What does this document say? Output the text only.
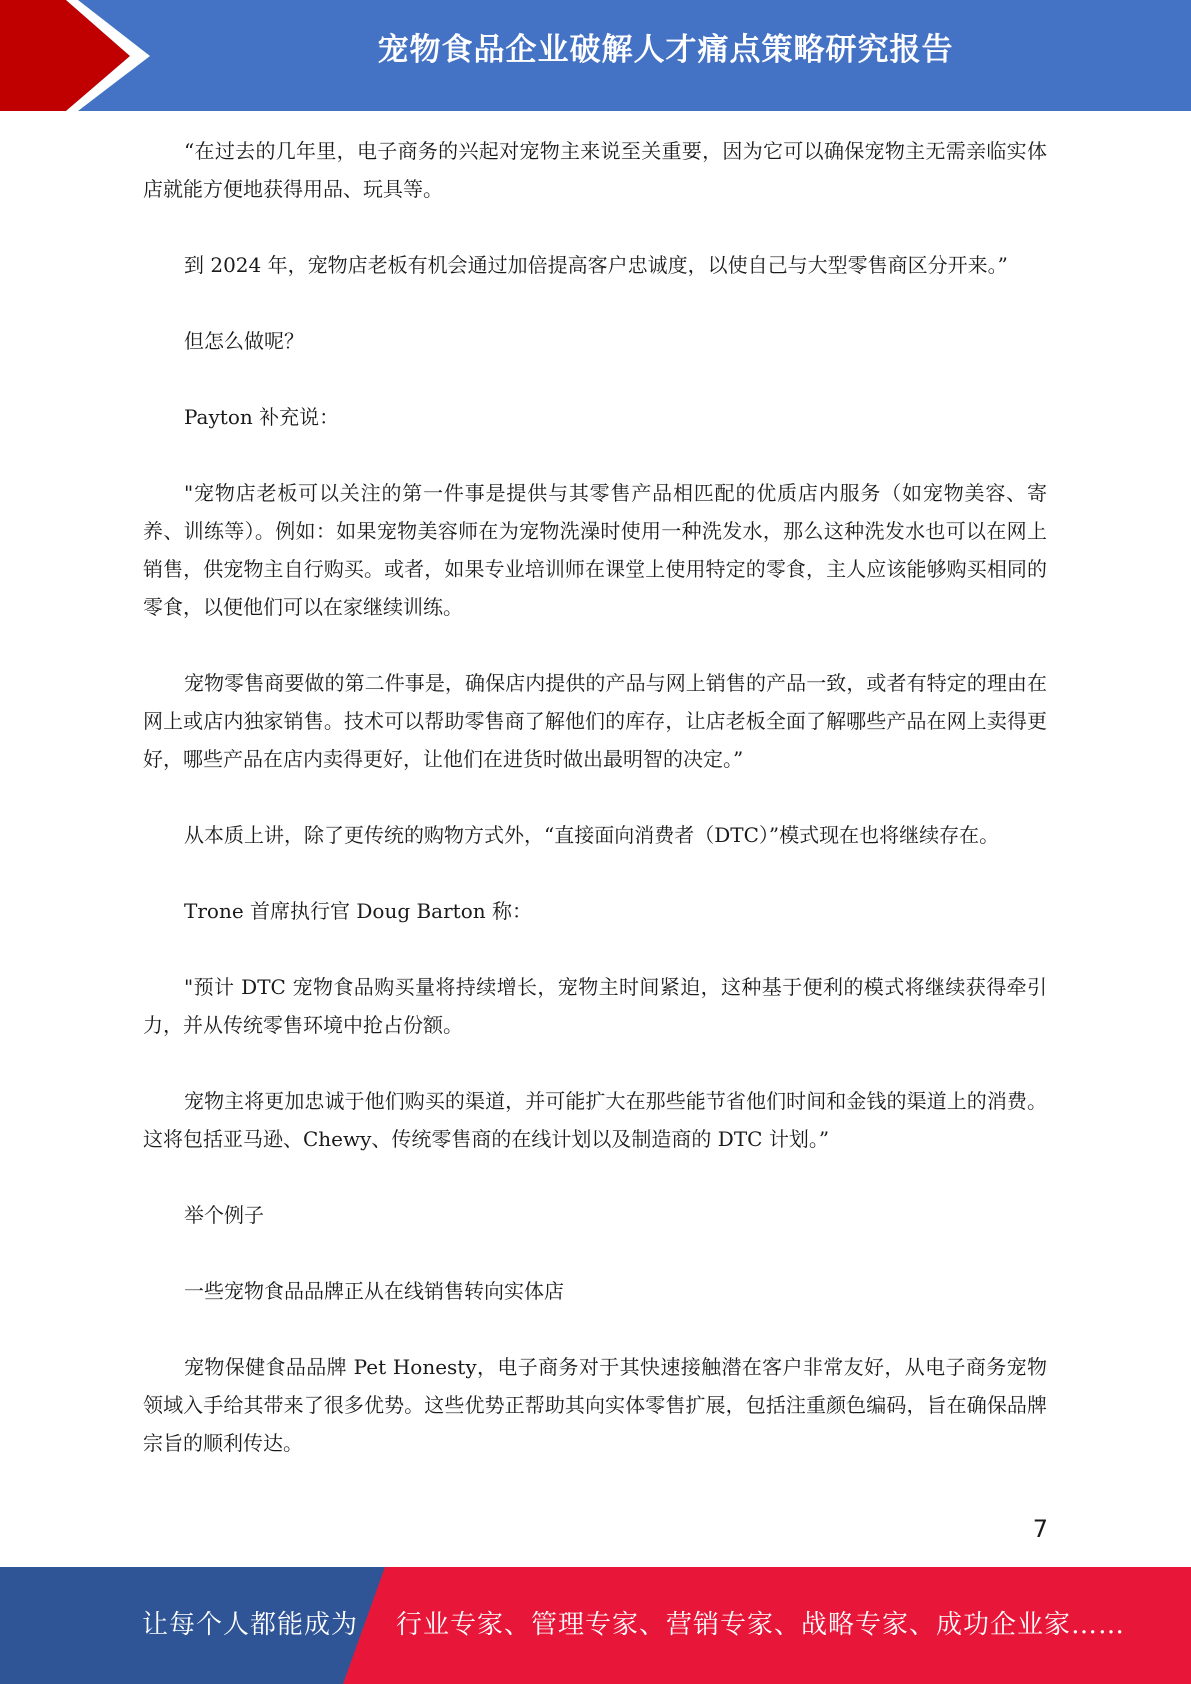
宠物食品企业破解人才痛点策略研究报告

“在过去的几年里，电子商务的兴起对宠物主来说至关重要，因为它可以确保宠物主无需亲临实体店就能方便地获得用品、玩具等。

到 2024 年，宠物店老板有机会通过加倍提高客户忠诚度，以使自己与大型零售商区分开来。”

但怎么做呢？

Payton 补充说：

"宠物店老板可以关注的第一件事是提供与其零售产品相匹配的优质店内服务（如宠物美容、寄养、训练等）。例如：如果宠物美容师在为宠物洗澡时使用一种洗发水，那么这种洗发水也可以在网上销售，供宠物主自行购买。或者，如果专业培训师在课堂上使用特定的零食，主人应该能够购买相同的零食，以便他们可以在家继续训练。

宠物零售商要做的第二件事是，确保店内提供的产品与网上销售的产品一致，或者有特定的理由在网上或店内独家销售。技术可以帮助零售商了解他们的库存，让店老板全面了解哪些产品在网上卖得更好，哪些产品在店内卖得更好，让他们在进货时做出最明智的决定。”

从本质上讲，除了更传统的购物方式外，“直接面向消费者（DTC）”模式现在也将继续存在。

Trone 首席执行官 Doug Barton 称：

"预计 DTC 宠物食品购买量将持续增长，宠物主时间紧迫，这种基于便利的模式将继续获得牵引力，并从传统零售环境中抢占份额。

宠物主将更加忠诚于他们购买的渠道，并可能扩大在那些能节省他们时间和金钱的渠道上的消费。这将包括亚马逊、Chewy、传统零售商的在线计划以及制造商的 DTC 计划。”

举个例子

一些宠物食品品牌正从在线销售转向实体店

宠物保健食品品牌 Pet Honesty，电子商务对于其快速接触潜在客户非常友好，从电子商务宠物领域入手给其带来了很多优势。这些优势正帮助其向实体零售扩展，包括注重颜色编码，旨在确保品牌宗旨的顺利传达。

7
让每个人都能成为 行业专家、管理专家、营销专家、战略专家、成功企业家……
